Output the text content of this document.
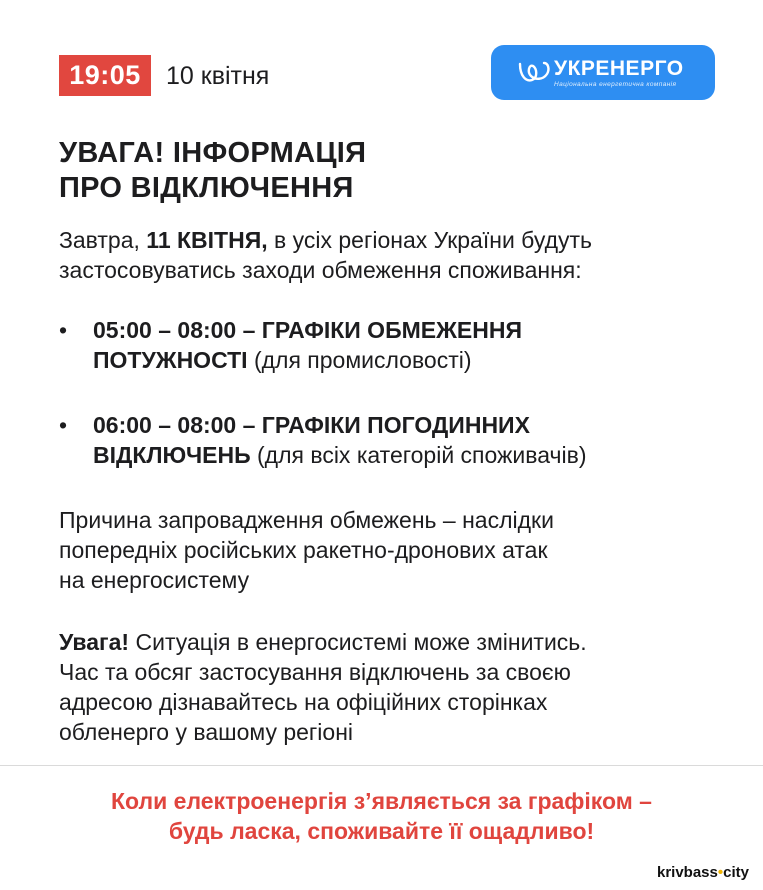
19:05 10 квітня	УКРЕНЕРГО
Національна енергетична компанія
УВАГА! ІНФОРМАЦІЯ
ПРО ВІДКЛЮЧЕННЯ

Завтра, 11 КВІТНЯ, в усіх регіонах України будуть
застосовуватись заходи обмеження споживання:

•	05:00 – 08:00 – ГРАФІКИ ОБМЕЖЕННЯ
ПОТУЖНОСТІ (для промисловості)
•	06:00 – 08:00 – ГРАФІКИ ПОГОДИННИХ
ВІДКЛЮЧЕНЬ (для всіх категорій споживачів)

Причина запровадження обмежень – наслідки
попередніх російських ракетно-дронових атак
на енергосистему

Увага! Ситуація в енергосистемі може змінитись.
Час та обсяг застосування відключень за своєю
адресою дізнавайтесь на офіційних сторінках
обленерго у вашому регіоні

Коли електроенергія з’являється за графіком –
будь ласка, споживайте її ощадливо!
krivbass•city
